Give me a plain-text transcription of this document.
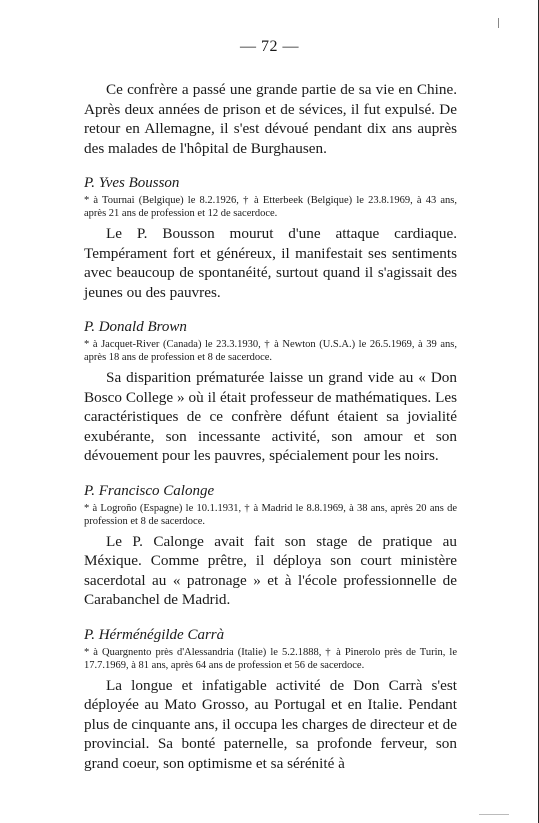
— 72 —

Ce confrère a passé une grande partie de sa vie en Chine. Après deux années de prison et de sévices, il fut expulsé. De retour en Allemagne, il s'est dévoué pendant dix ans auprès des malades de l'hôpital de Burghausen.

P. Yves Bousson

* à Tournai (Belgique) le 8.2.1926, † à Etterbeek (Belgique) le 23.8.1969, à 43 ans, après 21 ans de profession et 12 de sacerdoce.

Le P. Bousson mourut d'une attaque cardiaque. Tempérament fort et généreux, il manifestait ses sentiments avec beaucoup de spontanéité, surtout quand il s'agissait des jeunes ou des pauvres.

P. Donald Brown

* à Jacquet-River (Canada) le 23.3.1930, † à Newton (U.S.A.) le 26.5.1969, à 39 ans, après 18 ans de profession et 8 de sacerdoce.

Sa disparition prématurée laisse un grand vide au « Don Bosco College » où il était professeur de mathématiques. Les caractéristiques de ce confrère défunt étaient sa jovialité exubérante, son incessante activité, son amour et son dévouement pour les pauvres, spécialement pour les noirs.

P. Francisco Calonge

* à Logroño (Espagne) le 10.1.1931, † à Madrid le 8.8.1969, à 38 ans, après 20 ans de profession et 8 de sacerdoce.

Le P. Calonge avait fait son stage de pratique au Méxique. Comme prêtre, il déploya son court ministère sacerdotal au « patronage » et à l'école professionnelle de Carabanchel de Madrid.

P. Hérménégilde Carrà

* à Quargnento près d'Alessandria (Italie) le 5.2.1888, † à Pinerolo près de Turin, le 17.7.1969, à 81 ans, après 64 ans de profession et 56 de sacerdoce.

La longue et infatigable activité de Don Carrà s'est déployée au Mato Grosso, au Portugal et en Italie. Pendant plus de cinquante ans, il occupa les charges de directeur et de provincial. Sa bonté paternelle, sa profonde ferveur, son grand coeur, son optimisme et sa sérénité à
